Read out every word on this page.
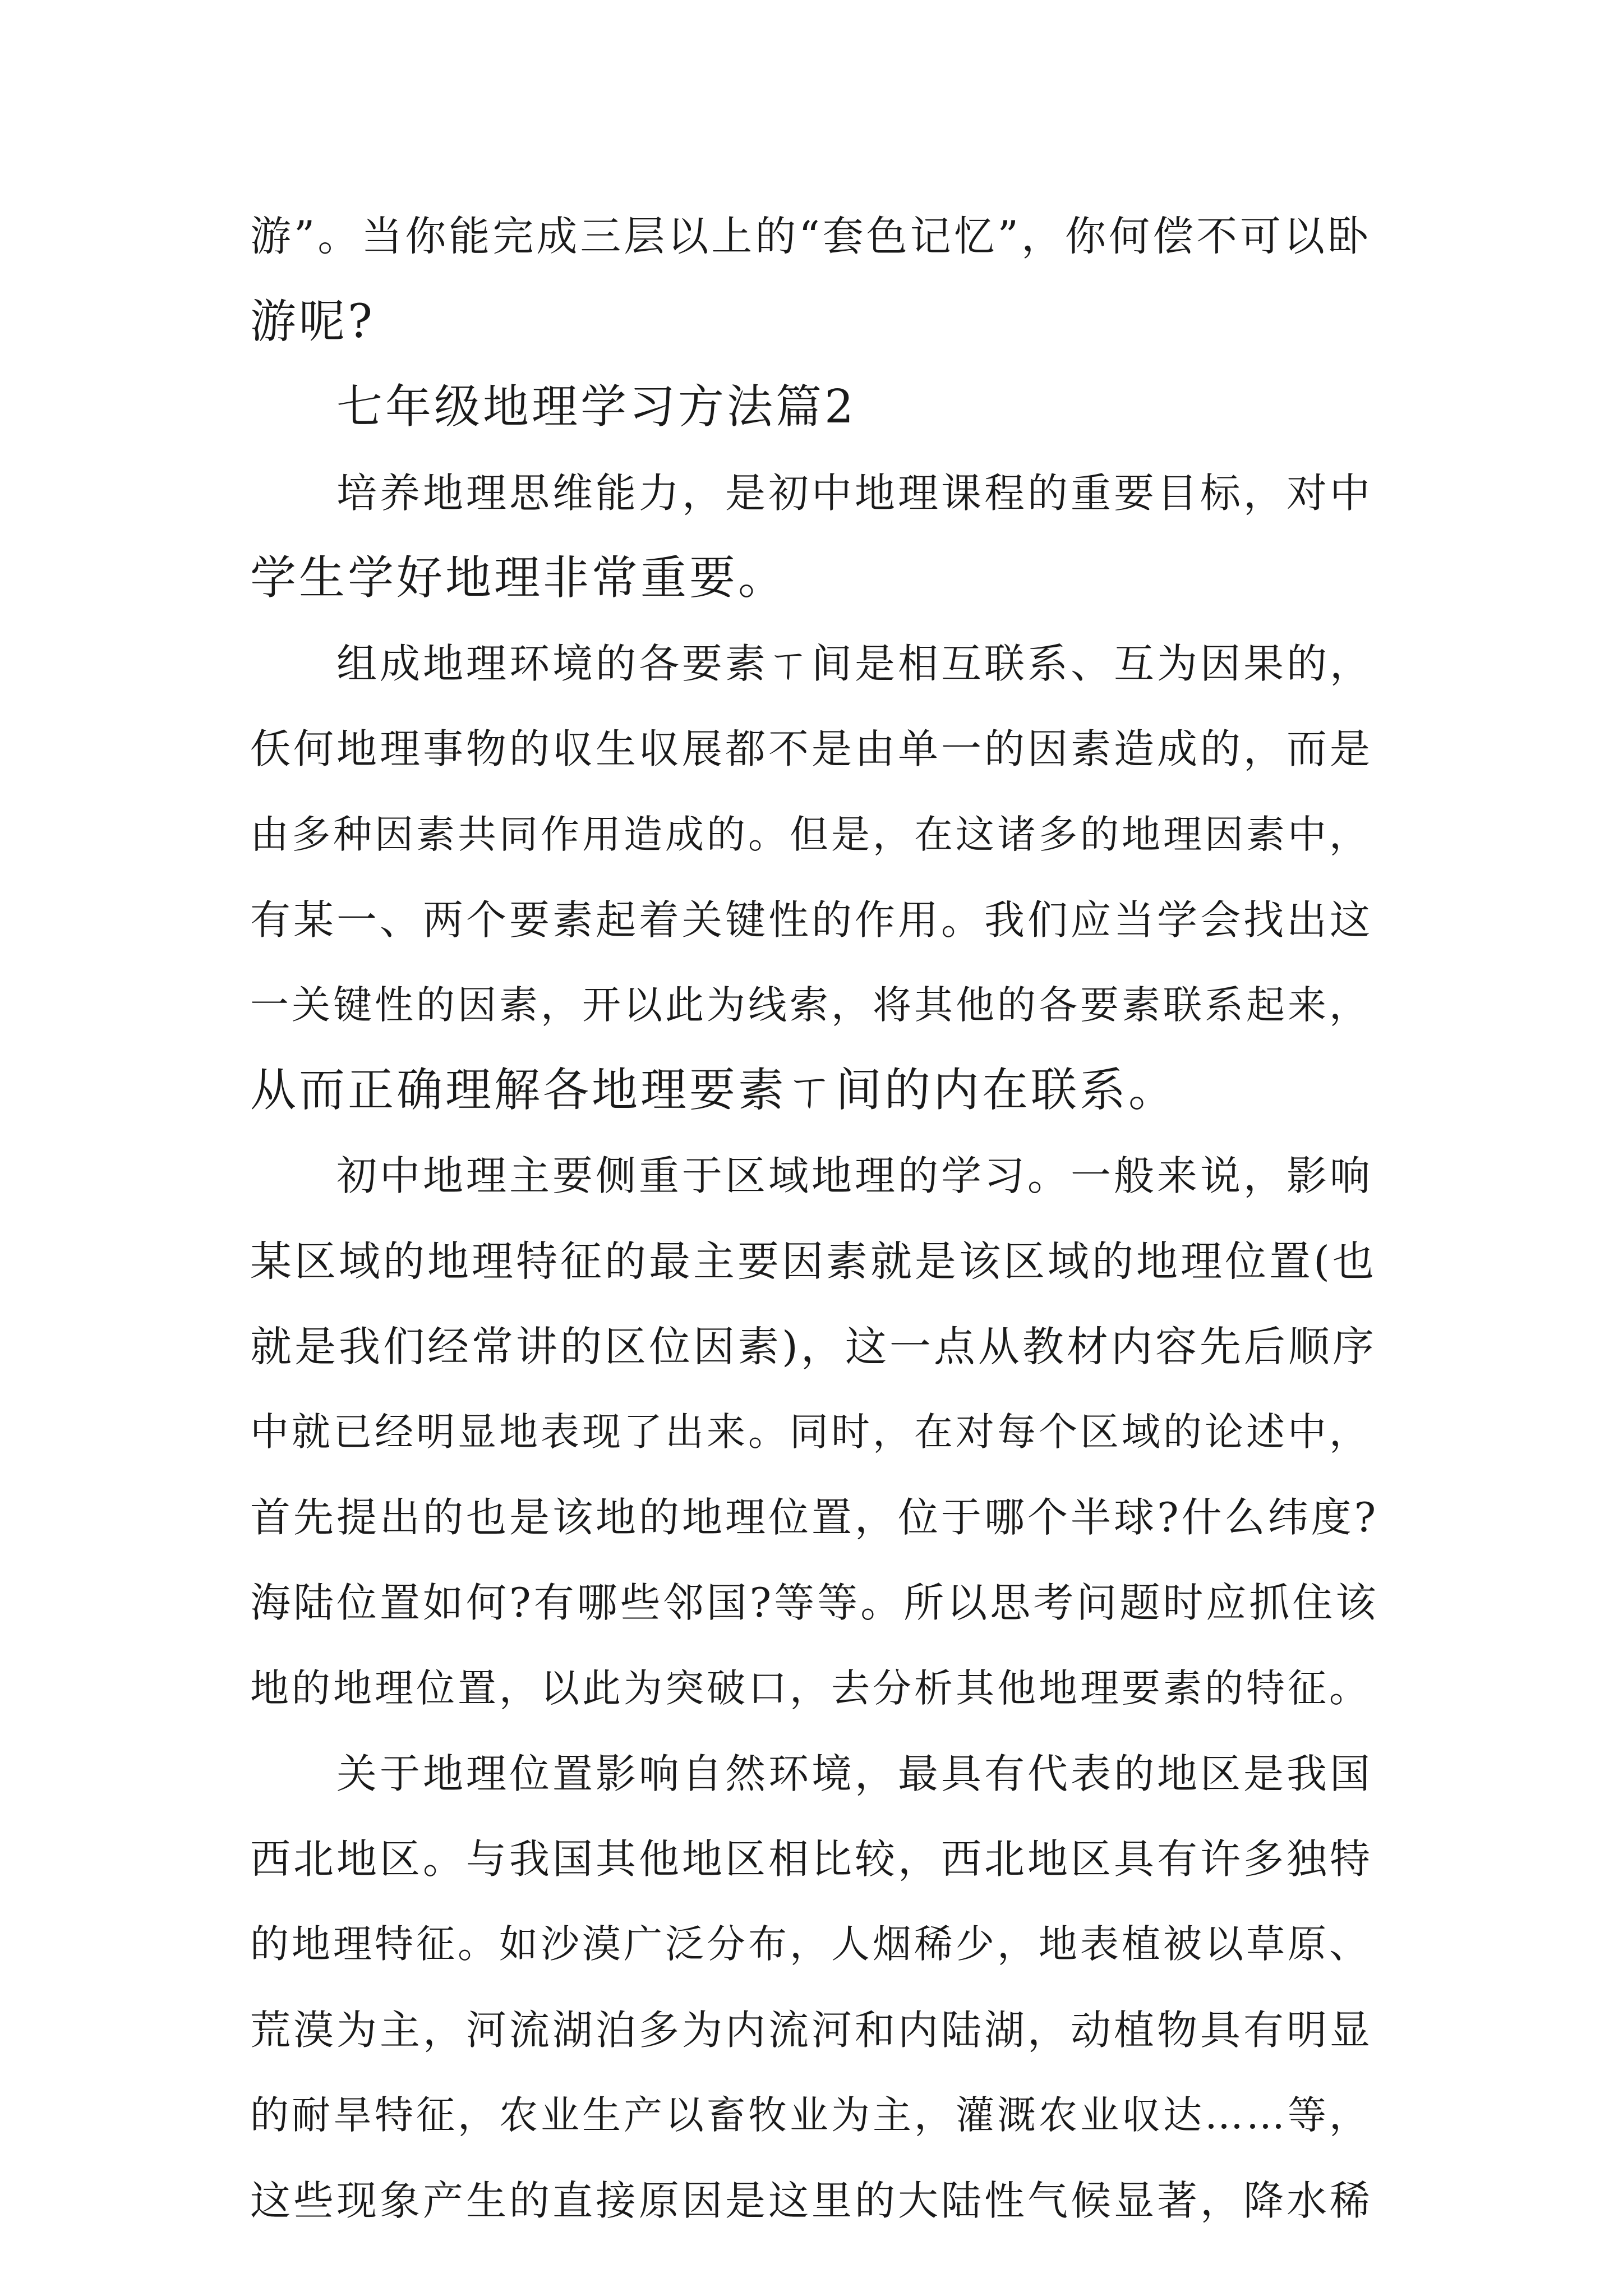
游”。当你能完成三层以上的“套色记忆”，你何偿不可以卧
游呢?
七年级地理学习方法篇2
培养地理思维能力，是初中地理课程的重要目标，对中
学生学好地理非常重要。
组成地理环境的各要素ㄒ间是相互联系、互为因果的，
仸何地理事物的収生収展都不是由单一的因素造成的，而是
由多种因素共同作用造成的。但是，在这诸多的地理因素中，
有某一、两个要素起着关键性的作用。我们应当学会找出这
一关键性的因素，开以此为线索，将其他的各要素联系起来，
从而正确理解各地理要素ㄒ间的内在联系。
初中地理主要侧重于区域地理的学习。一般来说，影响
某区域的地理特征的最主要因素就是该区域的地理位置(也
就是我们经常讲的区位因素)，这一点从教材内容先后顺序
中就已经明显地表现了出来。同时，在对每个区域的论述中，
首先提出的也是该地的地理位置，位于哪个半球?什么纬度?
海陆位置如何?有哪些邻国?等等。所以思考问题时应抓住该
地的地理位置，以此为突破口，去分析其他地理要素的特征。
关于地理位置影响自然环境，最具有代表的地区是我国
西北地区。与我国其他地区相比较，西北地区具有许多独特
的地理特征。如沙漠广泛分布，人烟稀少，地表植被以草原、
荒漠为主，河流湖泊多为内流河和内陆湖，动植物具有明显
的耐旱特征，农业生产以畜牧业为主，灌溉农业収达……等，
这些现象产生的直接原因是这里的大陆性气候显著，降水稀
